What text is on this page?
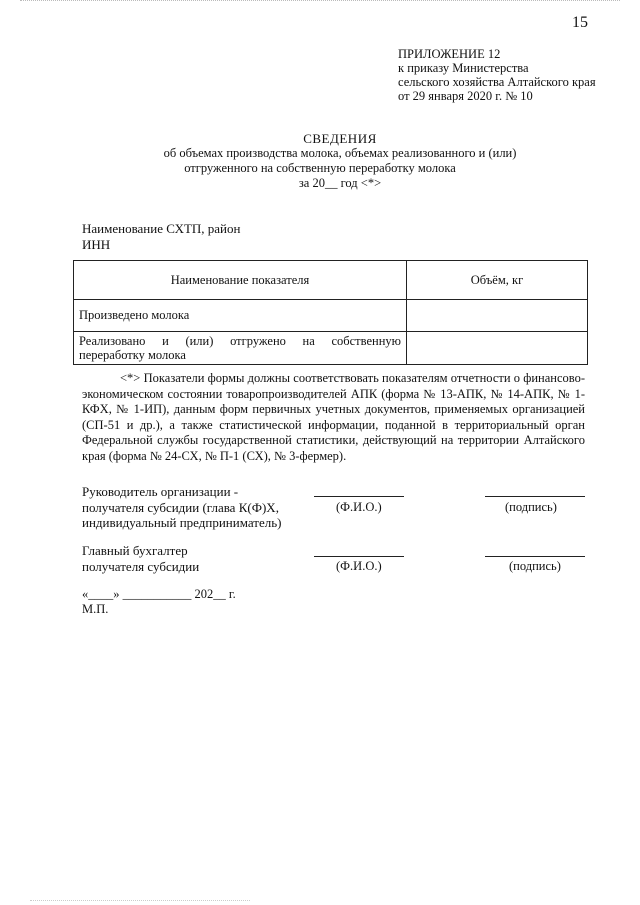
15
ПРИЛОЖЕНИЕ 12
к приказу Министерства
сельского хозяйства Алтайского края
от 29 января 2020 г. № 10
СВЕДЕНИЯ
об объемах производства молока, объемах реализованного и (или)
отгруженного на собственную переработку молока
за 20__ год <*>
Наименование СХТП, район
ИНН
Наименование показателя	Объём, кг
Произведено молока	

Реализовано и (или) отгружено на собственную
переработку молока	

<*> Показатели формы должны соответствовать показателям отчетности о финансово-экономическом состоянии товаропроизводителей АПК (форма № 13-АПК, № 14-АПК, № 1-КФХ, № 1-ИП), данным форм первичных учетных документов, применяемых организацией (СП-51 и др.), а также статистической информации, поданной в территориальный орган Федеральной службы государственной статистики, действующий на территории Алтайского края (форма № 24-СХ, № П-1 (СХ), № 3-фермер).
Руководитель организации -
получателя субсидии (глава К(Ф)Х,
индивидуальный предприниматель)
(Ф.И.О.)	(подпись)
Главный бухгалтер
получателя субсидии	(Ф.И.О.)	(подпись)
«____» ___________ 202__ г.
М.П.
